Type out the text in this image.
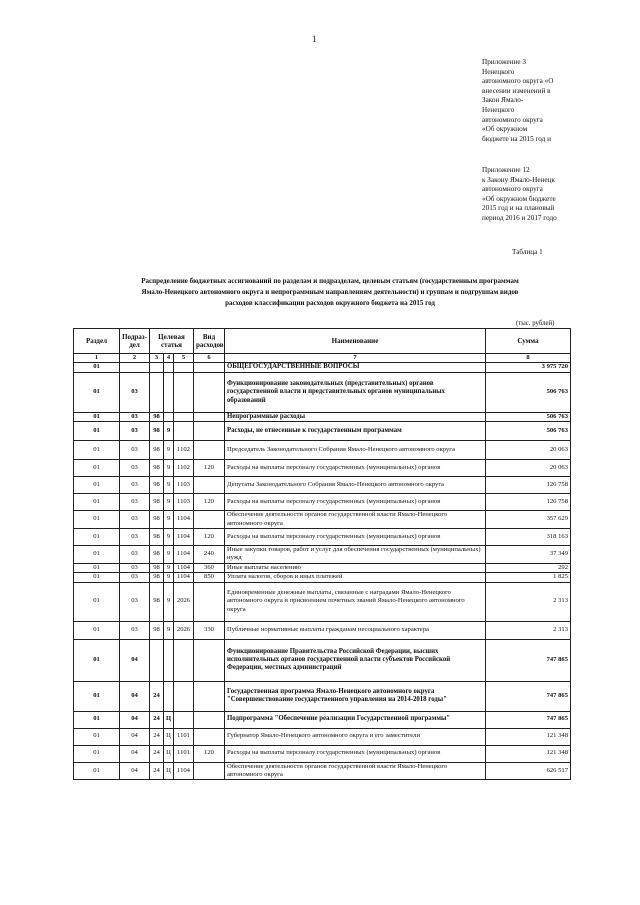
1
Приложение 3
Ненецкого
автономного округа «О
внесении изменений в
Закон Ямало-
Ненецкого
автономного округа
«Об окружном
бюджете на 2015 год и
Приложение 12
к Закону Ямало-Ненецк
автономного округа
«Об окружном бюджете
2015 год и на плановый
период 2016 и 2017 годо
Таблица 1
Распределение бюджетных ассигнований по разделам и подразделам, целевым статьям (государственным программам
Ямало-Ненецкого автономного округа и непрограммным направлениям деятельности) и группам и подгруппам видов
расходов классификации расходов окружного бюджета на 2015 год
(тыс. рублей)
Раздел	Подраз-дел	Целевая статья			Вид расходов	Наименование	Сумма
1	2	3	4	5	6	7	8
01						ОБЩЕГОСУДАРСТВЕННЫЕ ВОПРОСЫ	3 975 720
01	03					Функционирование законодательных (представительных) органов государственной власти и представительных органов муниципальных образований	506 763
01	03	98				Непрограммные расходы	506 763
01	03	98	9			Расходы, не отнесенные к государственным программам	506 763
01	03	98	9	1102		Председатель Законодательного Собрания Ямало-Ненецкого автономного округа	20 063
01	03	98	9	1102	120	Расходы на выплаты персоналу государственных (муниципальных) органов	20 063
01	03	98	9	1103		Депутаты Законодательного Собрания Ямало-Ненецкого автономного округа	126 758
01	03	98	9	1103	120	Расходы на выплаты персоналу государственных (муниципальных) органов	126 758
01	03	98	9	1104		Обеспечение деятельности органов государственной власти Ямало-Ненецкого автономного округа	357 629
01	03	98	9	1104	120	Расходы на выплаты персоналу государственных (муниципальных) органов	318 163
01	03	98	9	1104	240	Иные закупки товаров, работ и услуг для обеспечения государственных (муниципальных) нужд	37 349
01	03	98	9	1104	360	Иные выплаты населению	292
01	03	98	9	1104	850	Уплата налогов, сборов и иных платежей	1 825
01	03	98	9	2026		Единовременные денежные выплаты, связанные с наградами Ямало-Ненецкого автономного округа и присвоением почетных званий Ямало-Ненецкого автономного округа	2 313
01	03	98	9	2026	330	Публичные нормативные выплаты гражданам несоциального характера	2 313
01	04					Функционирование Правительства Российской Федерации, высших исполнительных органов государственной власти субъектов Российской Федерации, местных администраций	747 865
01	04	24				Государственная программа Ямало-Ненецкого автономного округа "Совершенствование государственного управления на 2014-2018 годы"	747 865
01	04	24	Ц			Подпрограмма "Обеспечение реализации Государственной программы"	747 865
01	04	24	Ц	1101		Губернатор Ямало-Ненецкого автономного округа и его заместители	121 348
01	04	24	Ц	1101	120	Расходы на выплаты персоналу государственных (муниципальных) органов	121 348
01	04	24	Ц	1104		Обеспечение деятельности органов государственной власти Ямало-Ненецкого автономного округа	626 517
